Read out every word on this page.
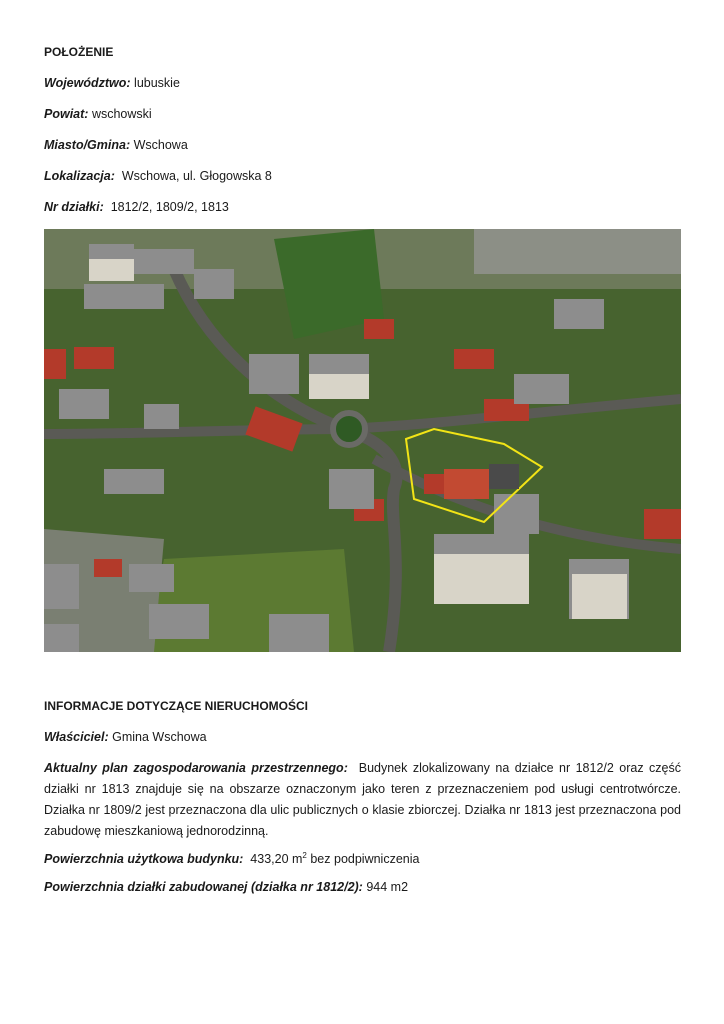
POŁOŻENIE
Województwo: lubuskie
Powiat: wschowski
Miasto/Gmina: Wschowa
Lokalizacja: Wschowa, ul. Głogowska 8
Nr działki: 1812/2, 1809/2, 1813
INFORMACJE DOTYCZĄCE NIERUCHOMOŚCI
Właściciel: Gmina Wschowa
Aktualny plan zagospodarowania przestrzennego: Budynek zlokalizowany na działce nr 1812/2 oraz część działki nr 1813 znajduje się na obszarze oznaczonym jako teren z przeznaczeniem pod usługi centrotwórcze. Działka nr 1809/2 jest przeznaczona dla ulic publicznych o klasie zbiorczej. Działka nr 1813 jest przeznaczona pod zabudowę mieszkaniową jednorodzinną.
Powierzchnia użytkowa budynku: 433,20 $m^2$ bez podpiwniczenia
Powierzchnia działki zabudowanej (działka nr 1812/2): 944 m2
